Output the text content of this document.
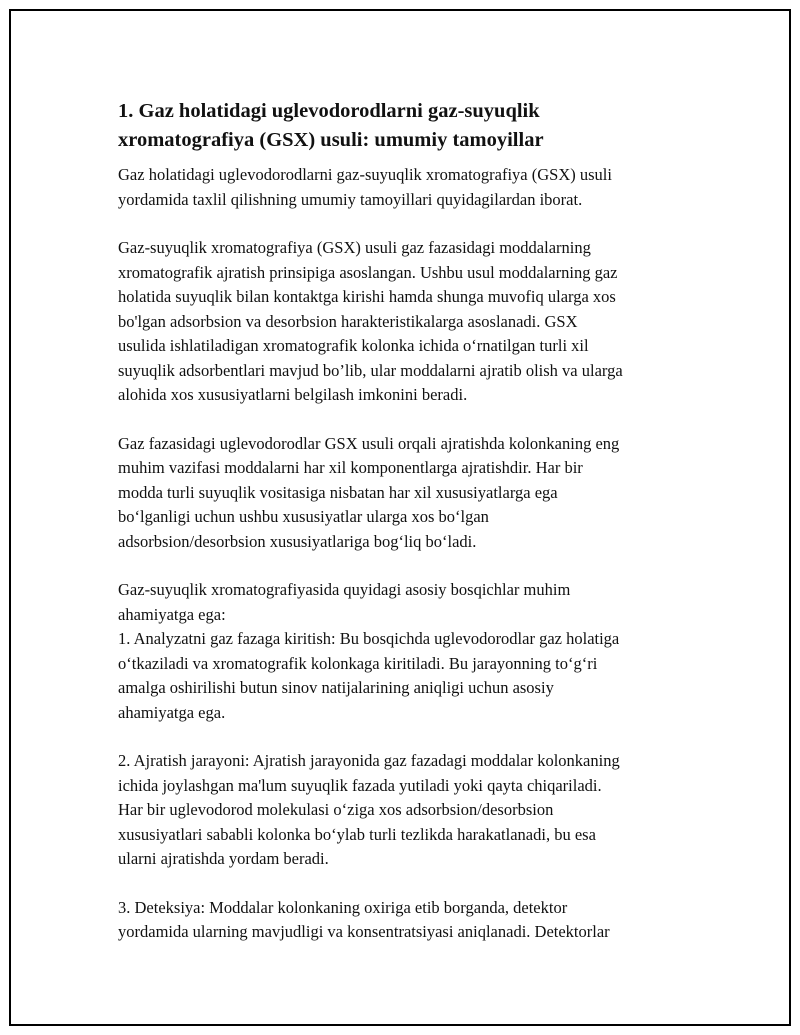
1. Gaz holatidagi uglevodorodlarni gaz-suyuqlik
xromatografiya (GSX) usuli: umumiy tamoyillar

Gaz holatidagi uglevodorodlarni gaz-suyuqlik xromatografiya (GSX) usuli
yordamida taxlil qilishning umumiy tamoyillari quyidagilardan iborat.

Gaz-suyuqlik xromatografiya (GSX) usuli gaz fazasidagi moddalarning
xromatografik ajratish prinsipiga asoslangan. Ushbu usul moddalarning gaz
holatida suyuqlik bilan kontaktga kirishi hamda shunga muvofiq ularga xos
bo'lgan adsorbsion va desorbsion harakteristikalarga asoslanadi. GSX
usulida ishlatiladigan xromatografik kolonka ichida o‘rnatilgan turli xil
suyuqlik adsorbentlari mavjud bo’lib, ular moddalarni ajratib olish va ularga
alohida xos xususiyatlarni belgilash imkonini beradi.

Gaz fazasidagi uglevodorodlar GSX usuli orqali ajratishda kolonkaning eng
muhim vazifasi moddalarni har xil komponentlarga ajratishdir. Har bir
modda turli suyuqlik vositasiga nisbatan har xil xususiyatlarga ega
bo‘lganligi uchun ushbu xususiyatlar ularga xos bo‘lgan
adsorbsion/desorbsion xususiyatlariga bog‘liq bo‘ladi.

Gaz-suyuqlik xromatografiyasida quyidagi asosiy bosqichlar muhim
ahamiyatga ega:
1. Analyzatni gaz fazaga kiritish: Bu bosqichda uglevodorodlar gaz holatiga
o‘tkaziladi va xromatografik kolonkaga kiritiladi. Bu jarayonning to‘g‘ri
amalga oshirilishi butun sinov natijalarining aniqligi uchun asosiy
ahamiyatga ega.

2. Ajratish jarayoni: Ajratish jarayonida gaz fazadagi moddalar kolonkaning
ichida joylashgan ma'lum suyuqlik fazada yutiladi yoki qayta chiqariladi.
Har bir uglevodorod molekulasi o‘ziga xos adsorbsion/desorbsion
xususiyatlari sababli kolonka bo‘ylab turli tezlikda harakatlanadi, bu esa
ularni ajratishda yordam beradi.

3. Deteksiya: Moddalar kolonkaning oxiriga etib borganda, detektor
yordamida ularning mavjudligi va konsentratsiyasi aniqlanadi. Detektorlar
